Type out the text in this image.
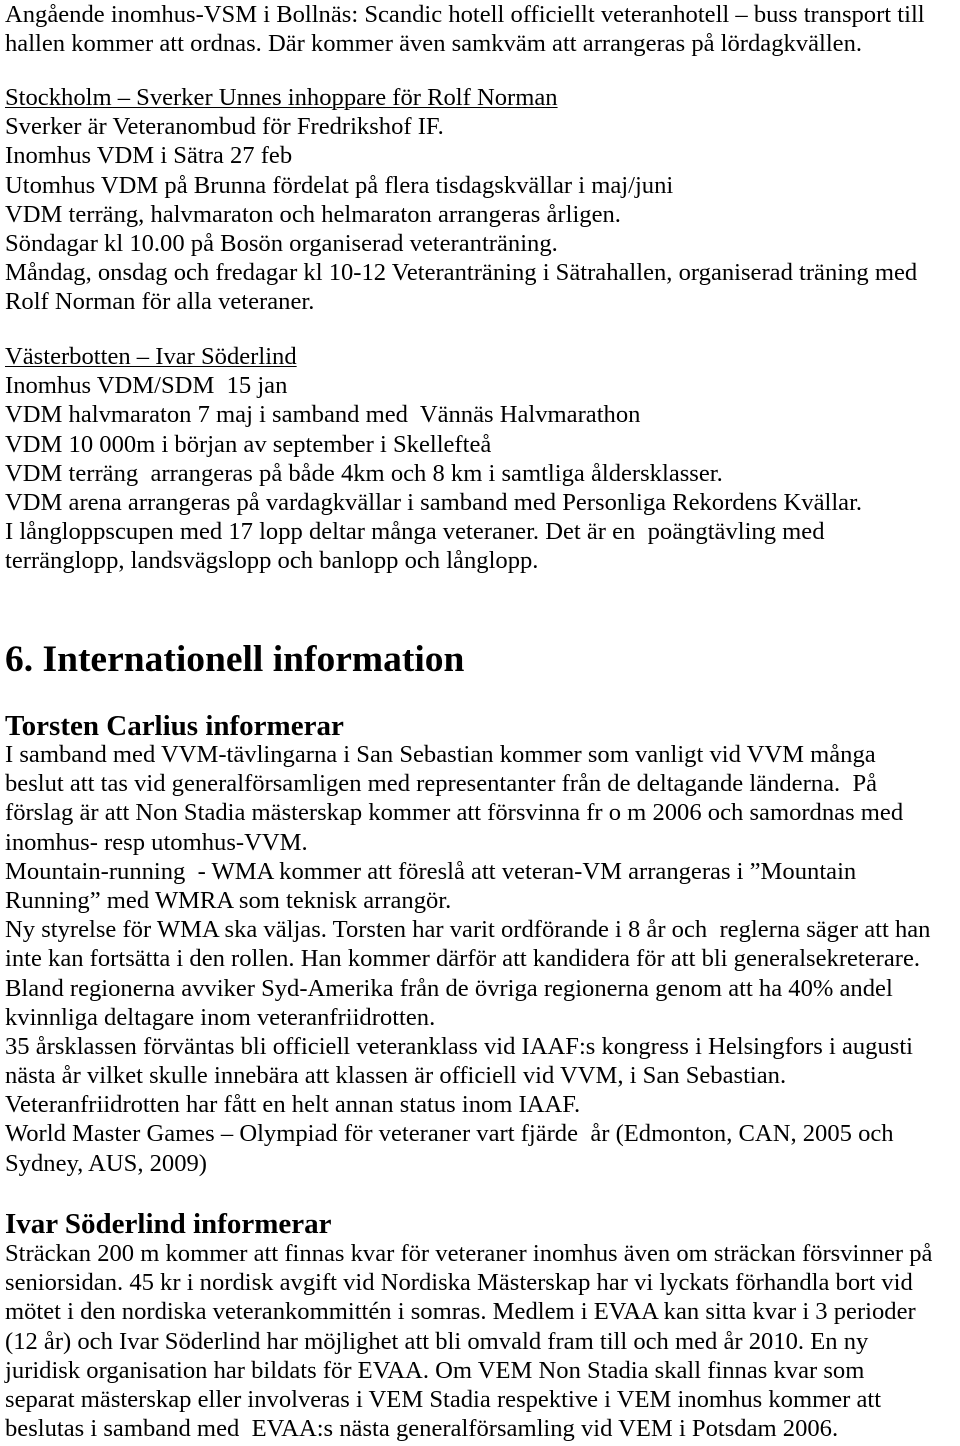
Angående inomhus-VSM i Bollnäs: Scandic hotell officiellt veteranhotell – buss transport till
hallen kommer att ordnas. Där kommer även samkväm att arrangeras på lördagkvällen.
Stockholm – Sverker Unnes inhoppare för Rolf Norman
Sverker är Veteranombud för Fredrikshof IF.
Inomhus VDM i Sätra 27 feb
Utomhus VDM på Brunna fördelat på flera tisdagskvällar i maj/juni
VDM terräng, halvmaraton och helmaraton arrangeras årligen.
Söndagar kl 10.00 på Bosön organiserad veteranträning.
Måndag, onsdag och fredagar kl 10-12 Veteranträning i Sätrahallen, organiserad träning med
Rolf Norman för alla veteraner.
Västerbotten – Ivar Söderlind
Inomhus VDM/SDM  15 jan
VDM halvmaraton 7 maj i samband med  Vännäs Halvmarathon
VDM 10 000m i början av september i Skellefteå
VDM terräng  arrangeras på både 4km och 8 km i samtliga åldersklasser.
VDM arena arrangeras på vardagkvällar i samband med Personliga Rekordens Kvällar.
I långloppscupen med 17 lopp deltar många veteraner. Det är en  poängtävling med
terränglopp, landsvägslopp och banlopp och långlopp.
6. Internationell information
Torsten Carlius informerar
I samband med VVM-tävlingarna i San Sebastian kommer som vanligt vid VVM många
beslut att tas vid generalförsamligen med representanter från de deltagande länderna.  På
förslag är att Non Stadia mästerskap kommer att försvinna fr o m 2006 och samordnas med
inomhus- resp utomhus-VVM.
Mountain-running  - WMA kommer att föreslå att veteran-VM arrangeras i ”Mountain
Running” med WMRA som teknisk arrangör.
Ny styrelse för WMA ska väljas. Torsten har varit ordförande i 8 år och  reglerna säger att han
inte kan fortsätta i den rollen. Han kommer därför att kandidera för att bli generalsekreterare.
Bland regionerna avviker Syd-Amerika från de övriga regionerna genom att ha 40% andel
kvinnliga deltagare inom veteranfriidrotten.
35 årsklassen förväntas bli officiell veteranklass vid IAAF:s kongress i Helsingfors i augusti
nästa år vilket skulle innebära att klassen är officiell vid VVM, i San Sebastian.
Veteranfriidrotten har fått en helt annan status inom IAAF.
World Master Games – Olympiad för veteraner vart fjärde  år (Edmonton, CAN, 2005 och
Sydney, AUS, 2009)
Ivar Söderlind informerar
Sträckan 200 m kommer att finnas kvar för veteraner inomhus även om sträckan försvinner på
seniorsidan. 45 kr i nordisk avgift vid Nordiska Mästerskap har vi lyckats förhandla bort vid
mötet i den nordiska veterankommittén i somras. Medlem i EVAA kan sitta kvar i 3 perioder
(12 år) och Ivar Söderlind har möjlighet att bli omvald fram till och med år 2010. En ny
juridisk organisation har bildats för EVAA. Om VEM Non Stadia skall finnas kvar som
separat mästerskap eller involveras i VEM Stadia respektive i VEM inomhus kommer att
beslutas i samband med  EVAA:s nästa generalförsamling vid VEM i Potsdam 2006.
